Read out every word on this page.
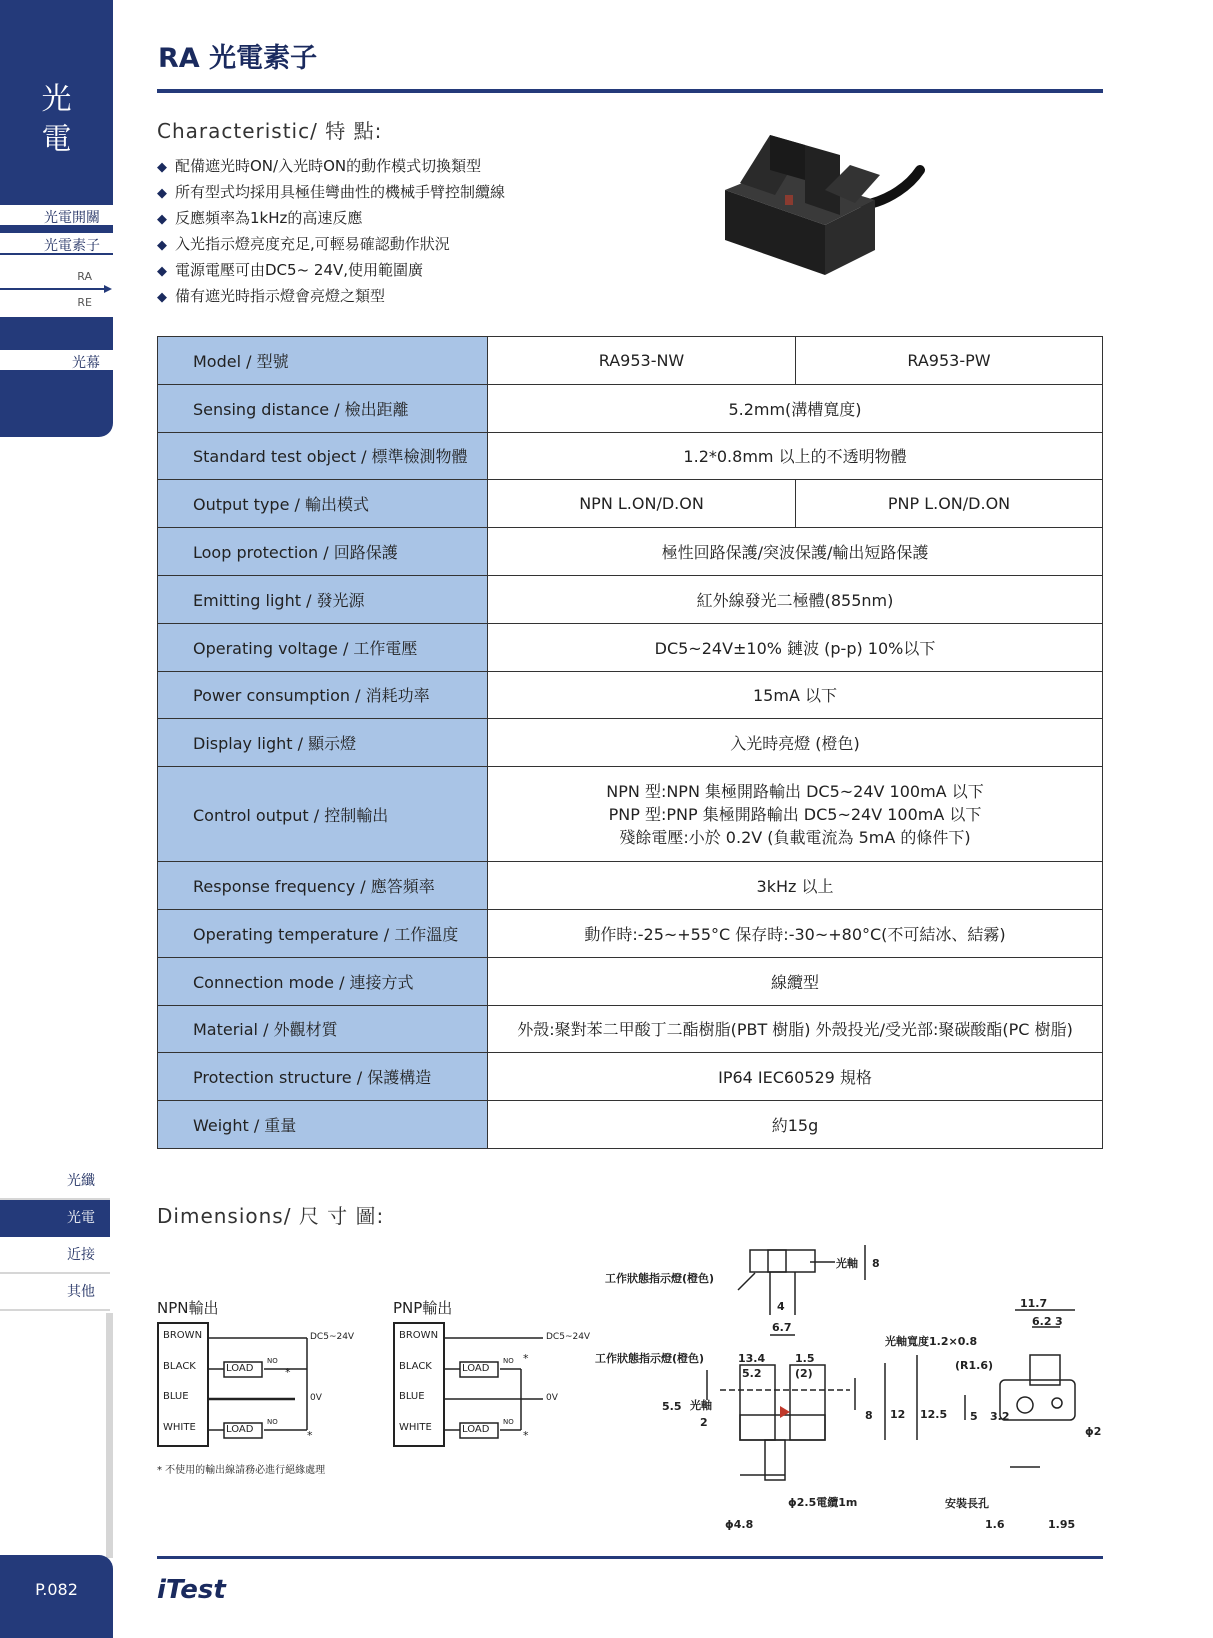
光
電
光電開關
光電素子
RA
RE
光幕
光纖
光電
近接
其他
P.082
RA 光電素子
Characteristic/ 特 點:
◆ 配備遮光時ON/入光時ON的動作模式切換類型
◆ 所有型式均採用具極佳彎曲性的機械手臂控制纜線
◆ 反應頻率為1kHz的高速反應
◆ 入光指示燈亮度充足,可輕易確認動作狀況
◆ 電源電壓可由DC5~ 24V,使用範圍廣
◆ 備有遮光時指示燈會亮燈之類型
Model / 型號	RA953-NW	RA953-PW
Sensing distance / 檢出距離	5.2mm(溝槽寬度)	
Standard test object / 標準檢測物體	1.2*0.8mm 以上的不透明物體	
Output type / 輸出模式	NPN L.ON/D.ON	PNP L.ON/D.ON
Loop protection / 回路保護	極性回路保護/突波保護/輸出短路保護	
Emitting light / 發光源	紅外線發光二極體(855nm)	
Operating voltage / 工作電壓	DC5~24V±10% 鏈波 (p-p) 10%以下	
Power consumption / 消耗功率	15mA 以下	
Display light / 顯示燈	入光時亮燈 (橙色)	
Control output / 控制輸出	NPN 型:NPN 集極開路輸出 DC5~24V 100mA 以下
PNP 型:PNP 集極開路輸出 DC5~24V 100mA 以下
殘餘電壓:小於 0.2V (負載電流為 5mA 的條件下)	

Response frequency / 應答頻率	3kHz 以上	
Operating temperature / 工作溫度	動作時:-25~+55°C 保存時:-30~+80°C(不可結冰、結霧)	
Connection mode / 連接方式	線纜型	
Material / 外觀材質	外殼:聚對苯二甲酸丁二酯樹脂(PBT 樹脂) 外殼投光/受光部:聚碳酸酯(PC 樹脂)	
Protection structure / 保護構造	IP64 IEC60529 規格	
Weight / 重量	約15g	
Dimensions/ 尺 寸 圖:
NPN輸出	PNP輸出
BROWN
BLACK
BLUE
WHITE
LOAD
LOAD
NO
NO
*
*
DC5~24V
0V
BROWN
BLACK
BLUE
WHITE
LOAD
LOAD
NO
NO
*
*
DC5~24V
0V
* 不使用的輸出線請務必進行絕緣處理
光軸 8
工作狀態指示燈(橙色)
4
6.7
工作狀態指示燈(橙色)	13.4	1.5
5.2	(2)
5.5 光軸
2
8 12 12.5
ϕ2.5電纜1m
ϕ4.8
光軸寬度1.2×0.8
11.7
6.2 3
(R1.6)
5 3.2
ϕ2
安裝長孔
1.6	1.95
iTest
